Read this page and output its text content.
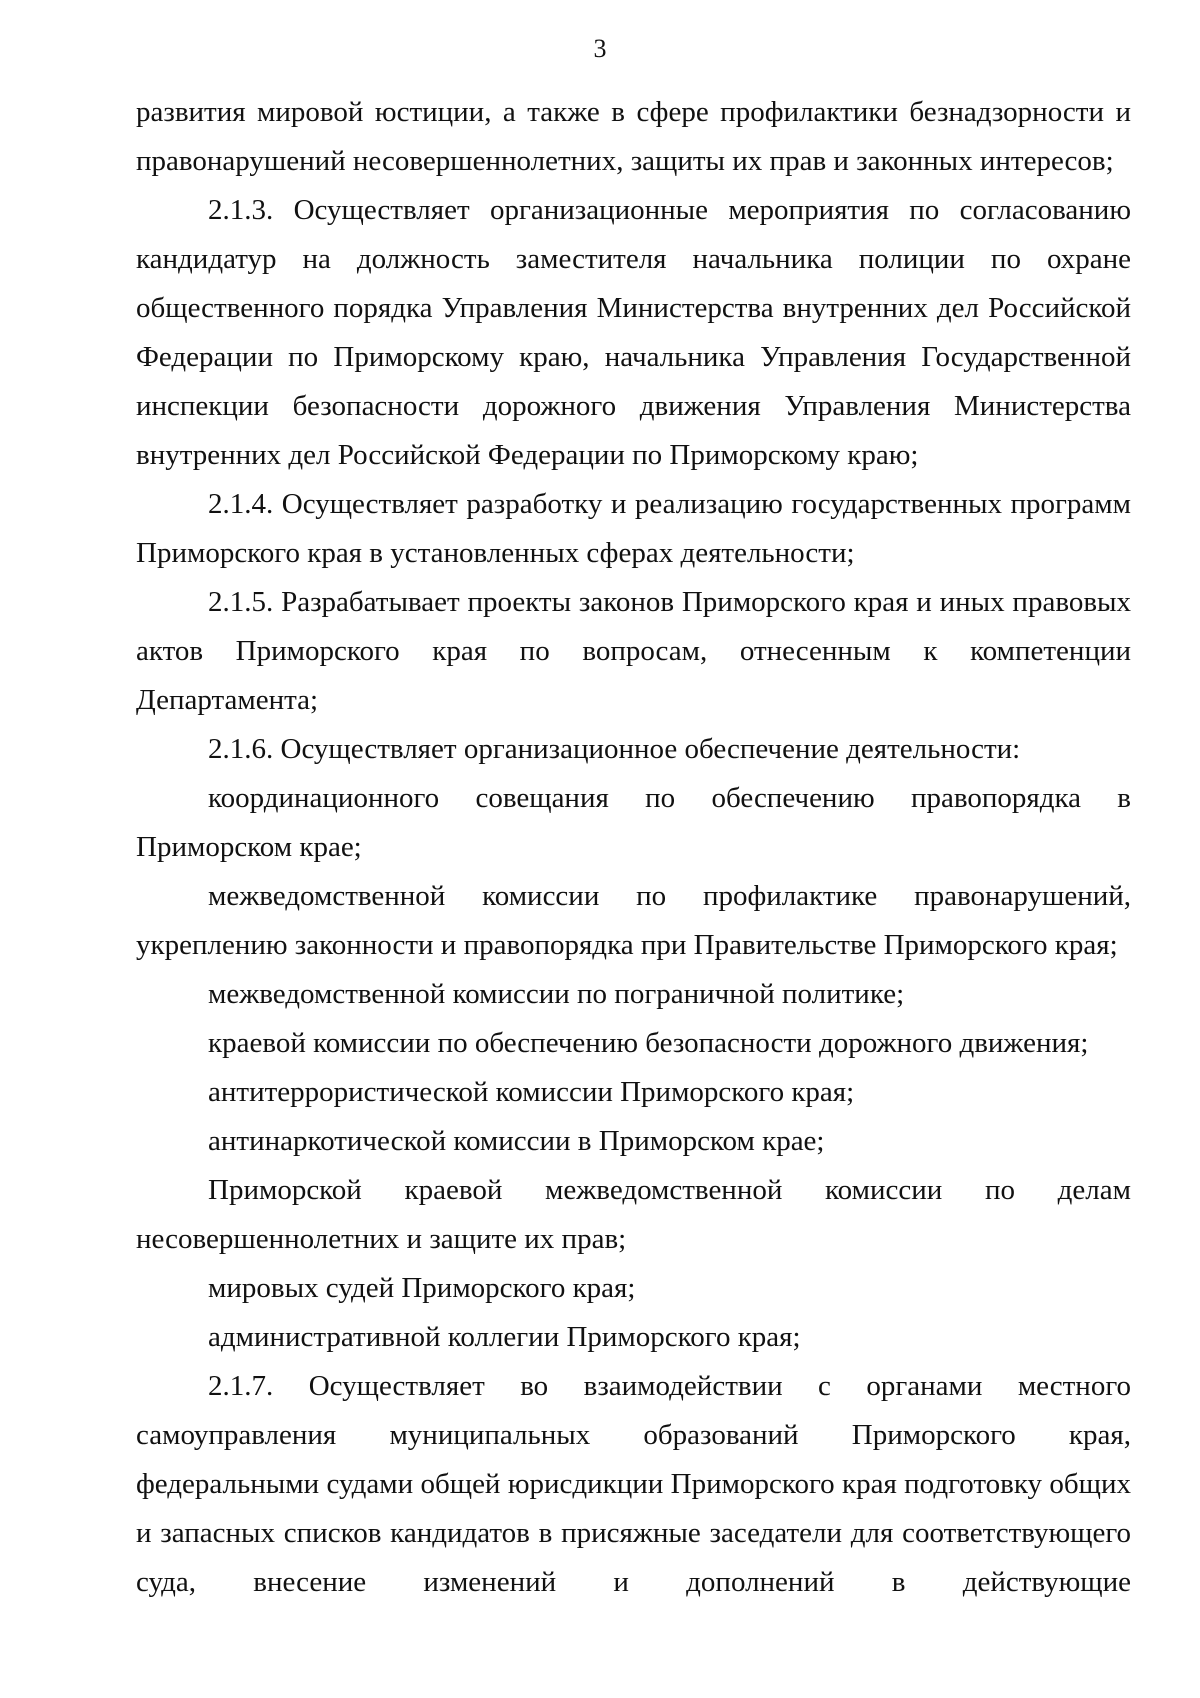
3

развития мировой юстиции, а также в сфере профилактики безнадзорности и правонарушений несовершеннолетних, защиты их прав и законных интересов;

2.1.3. Осуществляет организационные мероприятия по согласованию кандидатур на должность заместителя начальника полиции по охране общественного порядка Управления Министерства внутренних дел Российской Федерации по Приморскому краю, начальника Управления Государственной инспекции безопасности дорожного движения Управления Министерства внутренних дел Российской Федерации по Приморскому краю;

2.1.4. Осуществляет разработку и реализацию государственных программ Приморского края в установленных сферах деятельности;

2.1.5. Разрабатывает проекты законов Приморского края и иных правовых актов Приморского края по вопросам, отнесенным к компетенции Департамента;

2.1.6. Осуществляет организационное обеспечение деятельности:

координационного совещания по обеспечению правопорядка в Приморском крае;

межведомственной комиссии по профилактике правонарушений, укреплению законности и правопорядка при Правительстве Приморского края;

межведомственной комиссии по пограничной политике;

краевой комиссии по обеспечению безопасности дорожного движения;

антитеррористической комиссии Приморского края;

антинаркотической комиссии в Приморском крае;

Приморской краевой межведомственной комиссии по делам несовершеннолетних и защите их прав;

мировых судей Приморского края;

административной коллегии Приморского края;

2.1.7. Осуществляет во взаимодействии с органами местного самоуправления муниципальных образований Приморского края, федеральными судами общей юрисдикции Приморского края подготовку общих и запасных списков кандидатов в присяжные заседатели для соответствующего суда, внесение изменений и дополнений в действующие
